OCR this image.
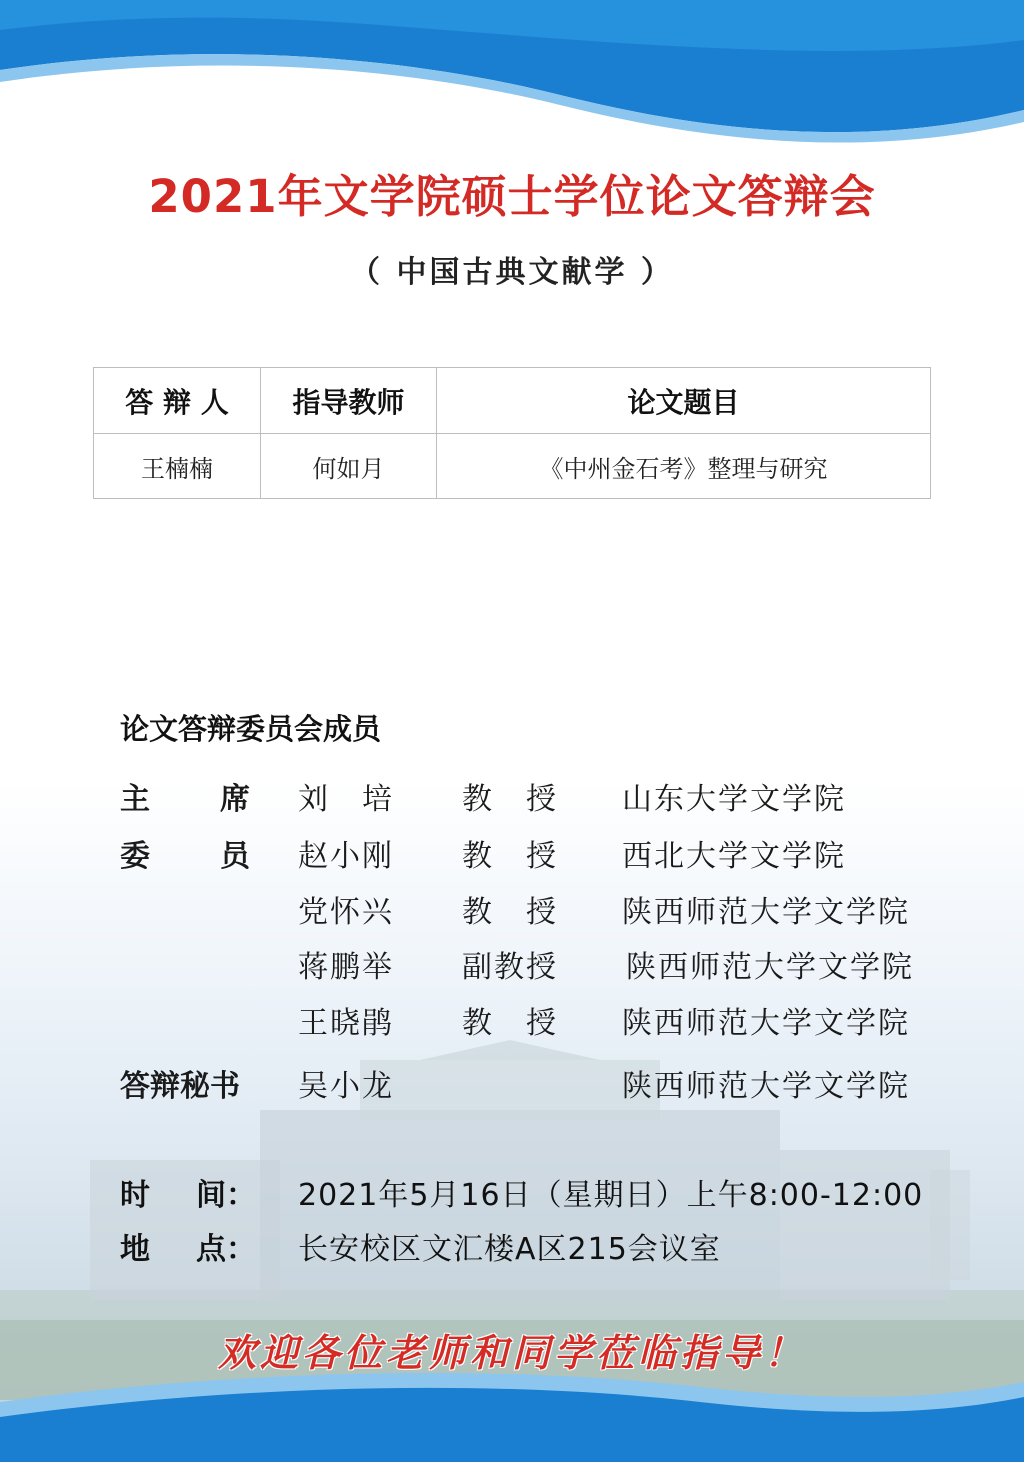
2021年文学院硕士学位论文答辩会
（ 中国古典文献学 ）
答 辩 人	指导教师	论文题目
王楠楠	何如月	《中州金石考》整理与研究
论文答辩委员会成员
主 席 刘　培 教　授 山东大学文学院
委 员 赵小刚 教　授 西北大学文学院
党怀兴 教　授 陕西师范大学文学院
蒋鹏举 副教授 陕西师范大学文学院
王晓鹃 教　授 陕西师范大学文学院
答辩秘书 吴小龙	陕西师范大学文学院
时 间： 2021年5月16日（星期日）上午8:00-12:00
地 点： 长安校区文汇楼A区215会议室
欢迎各位老师和同学莅临指导！
